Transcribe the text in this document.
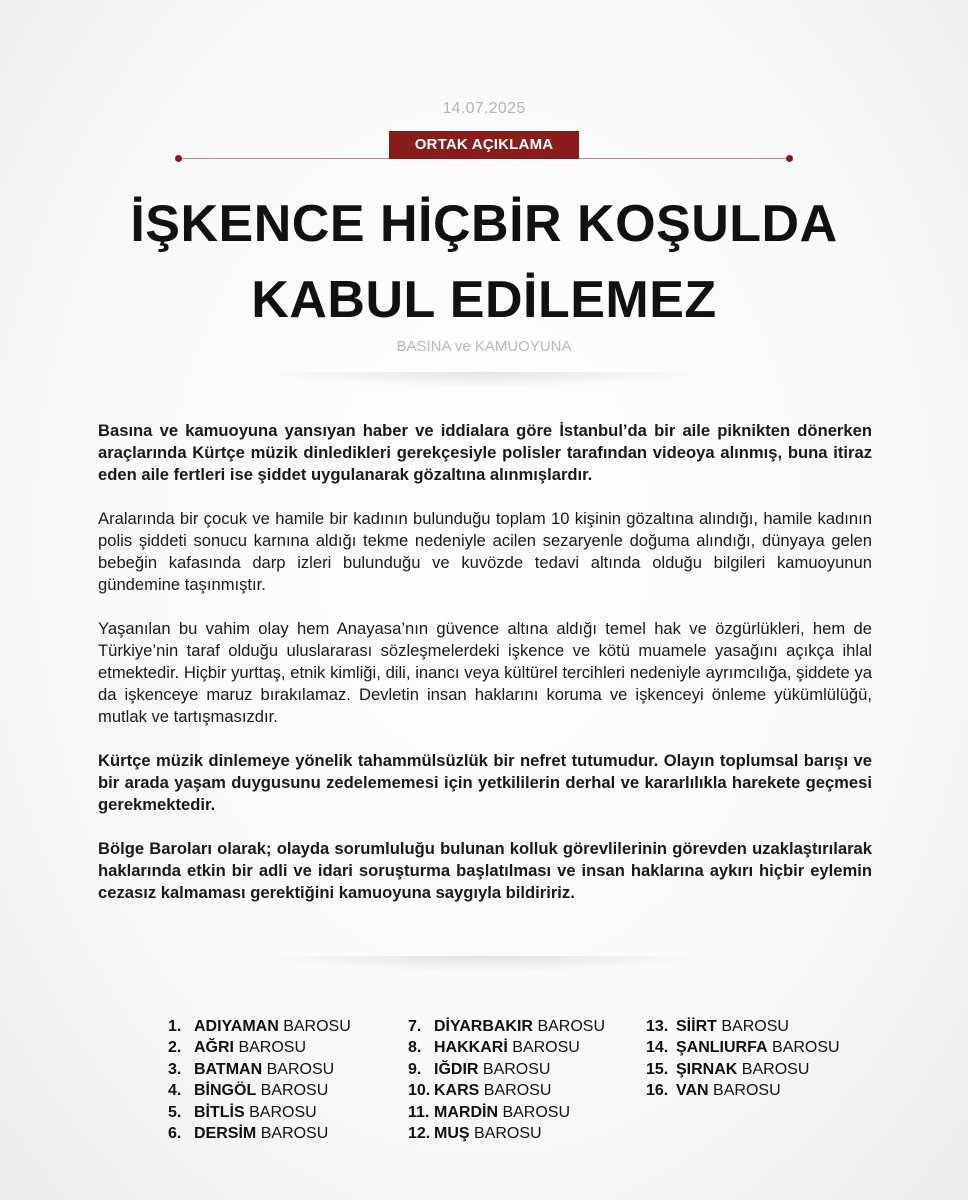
14.07.2025
ORTAK AÇIKLAMA
İŞKENCE HİÇBİR KOŞULDA
KABUL EDİLEMEZ
BASINA ve KAMUOYUNA

Basına ve kamuoyuna yansıyan haber ve iddialara göre İstanbul’da bir aile piknikten dönerken araçlarında Kürtçe müzik dinledikleri gerekçesiyle polisler tarafından videoya alınmış, buna itiraz eden aile fertleri ise şiddet uygulanarak gözaltına alınmışlardır.

Aralarında bir çocuk ve hamile bir kadının bulunduğu toplam 10 kişinin gözaltına alındığı, hamile kadının polis şiddeti sonucu karnına aldığı tekme nedeniyle acilen sezaryenle doğuma alındığı, dünyaya gelen bebeğin kafasında darp izleri bulunduğu ve kuvözde tedavi altında olduğu bilgileri kamuoyunun gündemine taşınmıştır.

Yaşanılan bu vahim olay hem Anayasa’nın güvence altına aldığı temel hak ve özgürlükleri, hem de Türkiye’nin taraf olduğu uluslararası sözleşmelerdeki işkence ve kötü muamele yasağını açıkça ihlal etmektedir. Hiçbir yurttaş, etnik kimliği, dili, inancı veya kültürel tercihleri nedeniyle ayrımcılığa, şiddete ya da işkenceye maruz bırakılamaz. Devletin insan haklarını koruma ve işkenceyi önleme yükümlülüğü, mutlak ve tartışmasızdır.

Kürtçe müzik dinlemeye yönelik tahammülsüzlük bir nefret tutumudur. Olayın toplumsal barışı ve bir arada yaşam duygusunu zedelememesi için yetkililerin derhal ve kararlılıkla harekete geçmesi gerekmektedir.

Bölge Baroları olarak; olayda sorumluluğu bulunan kolluk görevlilerinin görevden uzaklaştırılarak haklarında etkin bir adli ve idari soruşturma başlatılması ve insan haklarına aykırı hiçbir eylemin cezasız kalmaması gerektiğini kamuoyuna saygıyla bildiririz.

1. ADIYAMAN BAROSU
2. AĞRI BAROSU
3. BATMAN BAROSU
4. BİNGÖL BAROSU
5. BİTLİS BAROSU
6. DERSİM BAROSU
7. DİYARBAKIR BAROSU
8. HAKKARİ BAROSU
9. IĞDIR BAROSU
10. KARS BAROSU
11. MARDİN BAROSU
12. MUŞ BAROSU
13. SİİRT BAROSU
14. ŞANLIURFA BAROSU
15. ŞIRNAK BAROSU
16. VAN BAROSU
